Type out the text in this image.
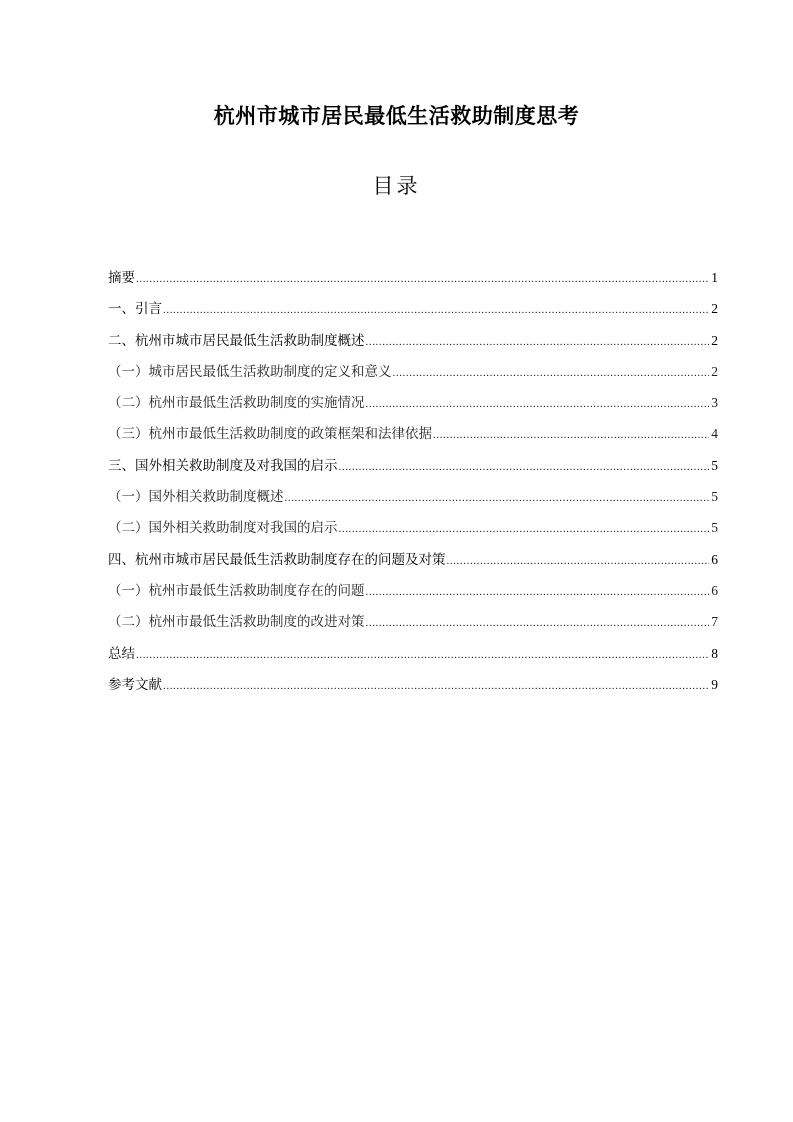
杭州市城市居民最低生活救助制度思考
目录
摘要 .....	1
一、引言 .....	2
二、杭州市城市居民最低生活救助制度概述 .....	2
（一）城市居民最低生活救助制度的定义和意义 .....	2
（二）杭州市最低生活救助制度的实施情况 .....	3
（三）杭州市最低生活救助制度的政策框架和法律依据 .....	4
三、国外相关救助制度及对我国的启示 .....	5
（一）国外相关救助制度概述 .....	5
（二）国外相关救助制度对我国的启示 .....	5
四、杭州市城市居民最低生活救助制度存在的问题及对策 .....	6
（一）杭州市最低生活救助制度存在的问题 .....	6
（二）杭州市最低生活救助制度的改进对策 .....	7
总结 .....	8
参考文献 .....	9
